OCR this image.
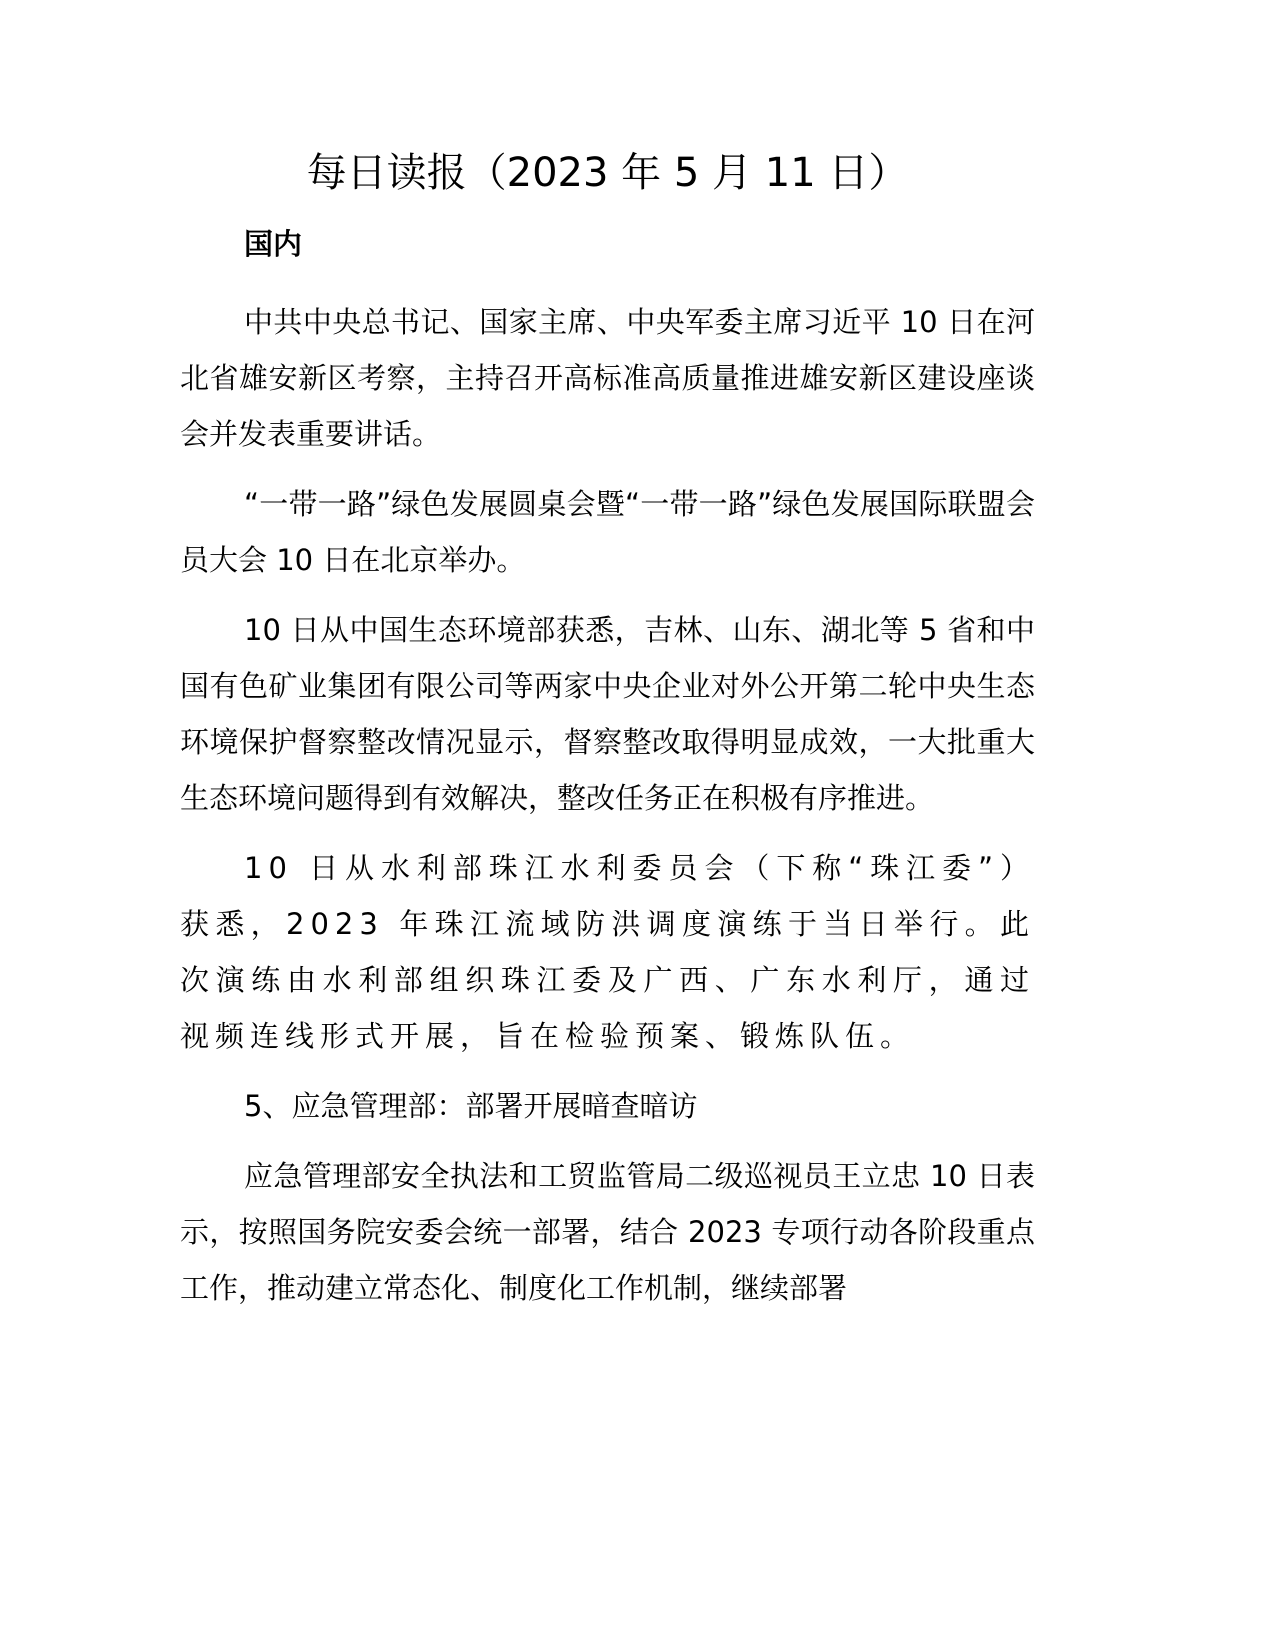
每日读报（2023 年 5 月 11 日）
国内

中共中央总书记、国家主席、中央军委主席习近平 10 日在河北省雄安新区考察，主持召开高标准高质量推进雄安新区建设座谈会并发表重要讲话。

“一带一路”绿色发展圆桌会暨“一带一路”绿色发展国际联盟会员大会 10 日在北京举办。

10 日从中国生态环境部获悉，吉林、山东、湖北等 5 省和中国有色矿业集团有限公司等两家中央企业对外公开第二轮中央生态环境保护督察整改情况显示，督察整改取得明显成效，一大批重大生态环境问题得到有效解决，整改任务正在积极有序推进。

10 日从水利部珠江水利委员会（下称“珠江委”）获悉，2023 年珠江流域防洪调度演练于当日举行。此次演练由水利部组织珠江委及广西、广东水利厅，通过视频连线形式开展，旨在检验预案、锻炼队伍。

5、应急管理部：部署开展暗查暗访

应急管理部安全执法和工贸监管局二级巡视员王立忠 10 日表示，按照国务院安委会统一部署，结合 2023 专项行动各阶段重点工作，推动建立常态化、制度化工作机制，继续部署
